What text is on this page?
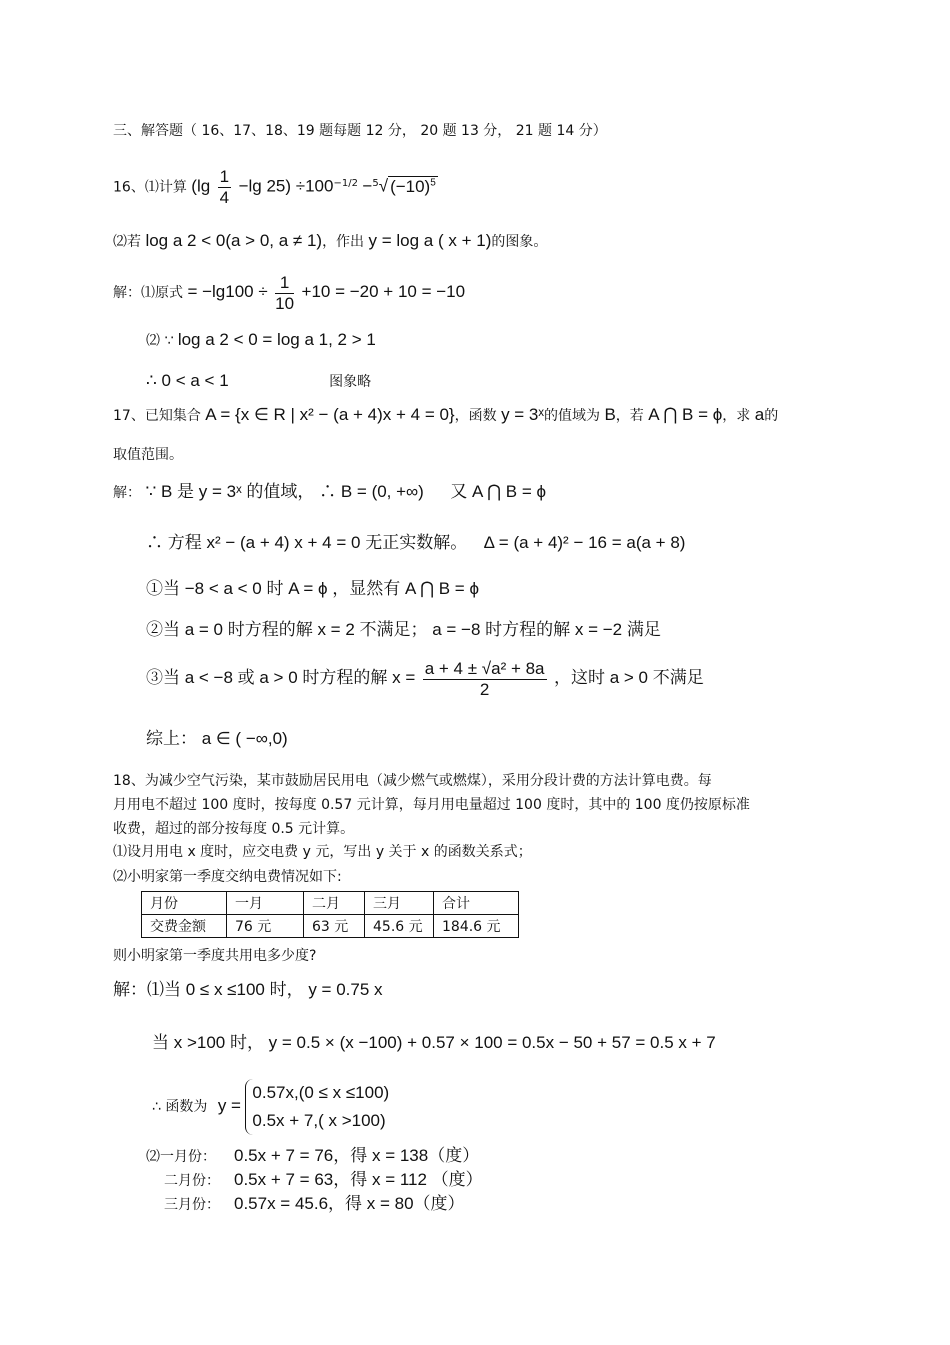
三、解答题（ 16、17、18、19 题每题 12 分， 20 题 13 分， 21 题 14 分）
16、⑴计算 ($\lg \frac{1}{4} -\lg$ $25) \div 100^{-1/2} -^5√$ $(-10)^5$
⑵若 log a 2 < 0(a > 0, a ≠ 1)，作出 y = log a ( x + 1)的图象。
解：⑴原式 = $-\lg 100 \div \frac{1}{10} +10 = -20 + 10 = -10$
⑵ ∵ log a 2 < 0 = log a 1, 2 > 1
∴ 0 < a < 1	图象略
17、已知集合 A = {x ∈ R | x² − (a + 4)x + 4 = 0}，函数 y = 3ˣ的值域为 B，若 A ⋂ B = ϕ，求 a的
取值范围。
解： ∵ B 是 y = 3ˣ 的值域， ∴ B = (0, +∞) 又 A ⋂ B = ϕ
∴ 方程 x² − (a + 4) x + 4 = 0 无正实数解。 Δ = (a + 4)² − 16 = a(a + 8)
①当 −8 < a < 0 时 A = ϕ ，显然有 A ⋂ B = ϕ
②当 a = 0 时方程的解 x = 2 不满足； a = −8 时方程的解 x = −2 满足
③当 a < −8 或 a > 0 时方程的解 $x = \frac{\text{a + 4 ± √a² + 8a}}{2}$ ，这时 a > 0 不满足
综上： a ∈ ( −∞,0)
18、为减少空气污染，某市鼓励居民用电（减少燃气或燃煤），采用分段计费的方法计算电费。每
月用电不超过 100 度时，按每度 0.57 元计算，每月用电量超过 100 度时，其中的 100 度仍按原标准
收费，超过的部分按每度 0.5 元计算。
⑴设月用电 x 度时，应交电费 y 元，写出 y 关于 x 的函数关系式；
⑵小明家第一季度交纳电费情况如下:
月份	一月	二月	三月	合计
交费金额	76 元	63 元	45.6 元	184.6 元
则小明家第一季度共用电多少度?
解：⑴当 0 ≤ x ≤100 时， y = 0.75 x
当 x >100 时， y = 0.5 × (x −100) + 0.57 × 100 = 0.5x − 50 + 57 = 0.5 x + 7
∴ 函数为 y =
0.57x,(0 ≤ x ≤100)
0.5x + 7,( x >100)
⑵一月份： 0.5x + 7 = 76，得 x = 138（度）
二月份： 0.5x + 7 = 63，得 x = 112 （度）
三月份： 0.57x = 45.6，得 x = 80（度）
